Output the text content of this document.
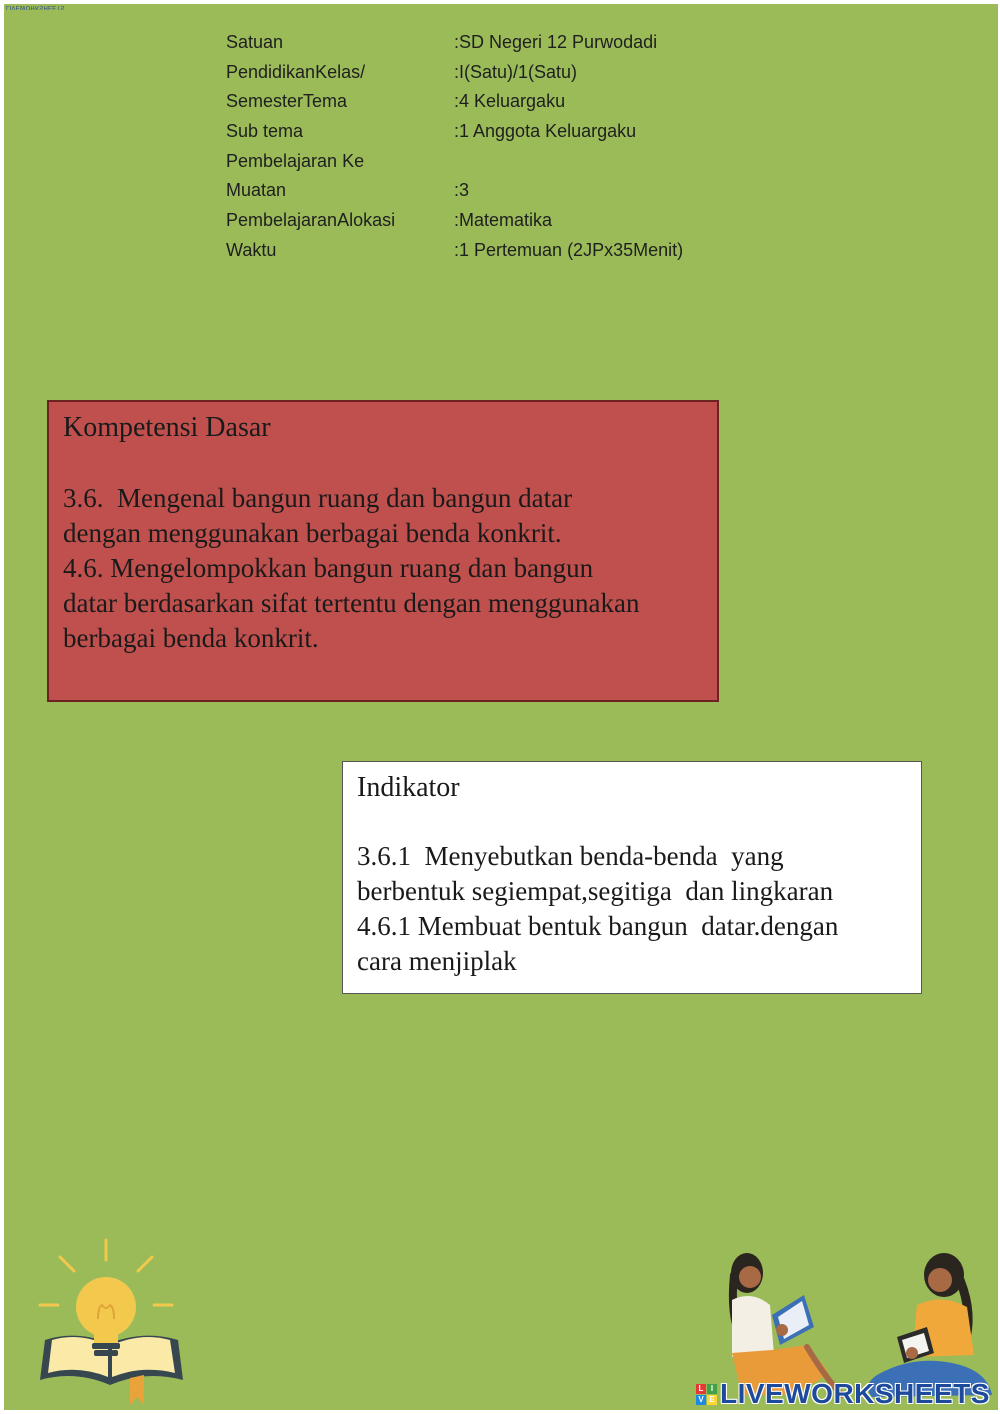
LIVEWORKSHEETS
Satuan	:SD Negeri 12 Purwodadi
PendidikanKelas/	:I(Satu)/1(Satu)
SemesterTema	:4 Keluargaku
Sub tema	:1 Anggota Keluargaku
Pembelajaran Ke
Muatan	:3
PembelajaranAlokasi	:Matematika
Waktu	:1 Pertemuan (2JPx35Menit)
Kompetensi Dasar
3.6.  Mengenal bangun ruang dan bangun datar
dengan menggunakan berbagai benda konkrit.
4.6. Mengelompokkan bangun ruang dan bangun
datar berdasarkan sifat tertentu dengan menggunakan
berbagai benda konkrit.
Indikator
3.6.1  Menyebutkan benda-benda  yang
berbentuk segiempat,segitiga  dan lingkaran
4.6.1 Membuat bentuk bangun  datar.dengan
cara menjiplak
L I
V E LIVEWORKSHEETS
